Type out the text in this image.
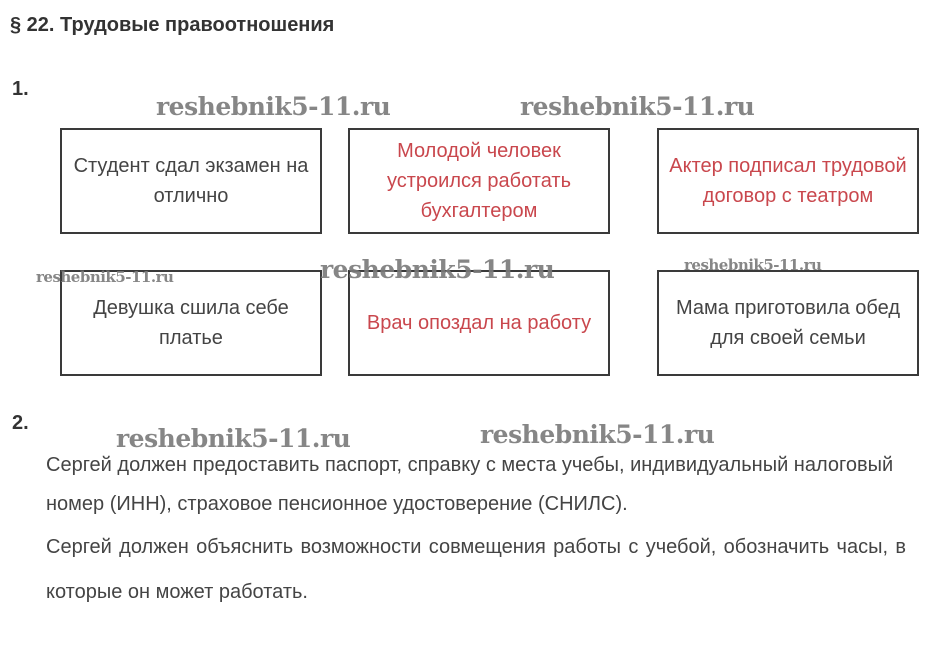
§ 22. Трудовые правоотношения
1.
reshebnik5-11.ru	reshebnik5-11.ru
Студент сдал экзамен на отлично
Молодой человек устроился работать бухгалтером
Актер подписал трудовой договор с театром
Девушка сшила себе платье
Врач опоздал на работу
Мама приготовила обед для своей семьи
reshebnik5-11.ru	reshebnik5-11.ru	reshebnik5-11.ru
2.
reshebnik5-11.ru	reshebnik5-11.ru

Сергей должен предоставить паспорт, справку с места учебы, индивидуальный налоговый номер (ИНН), страховое пенсионное удостоверение (СНИЛС).

Сергей должен объяснить возможности совмещения работы с учебой, обозначить часы, в которые он может работать.
